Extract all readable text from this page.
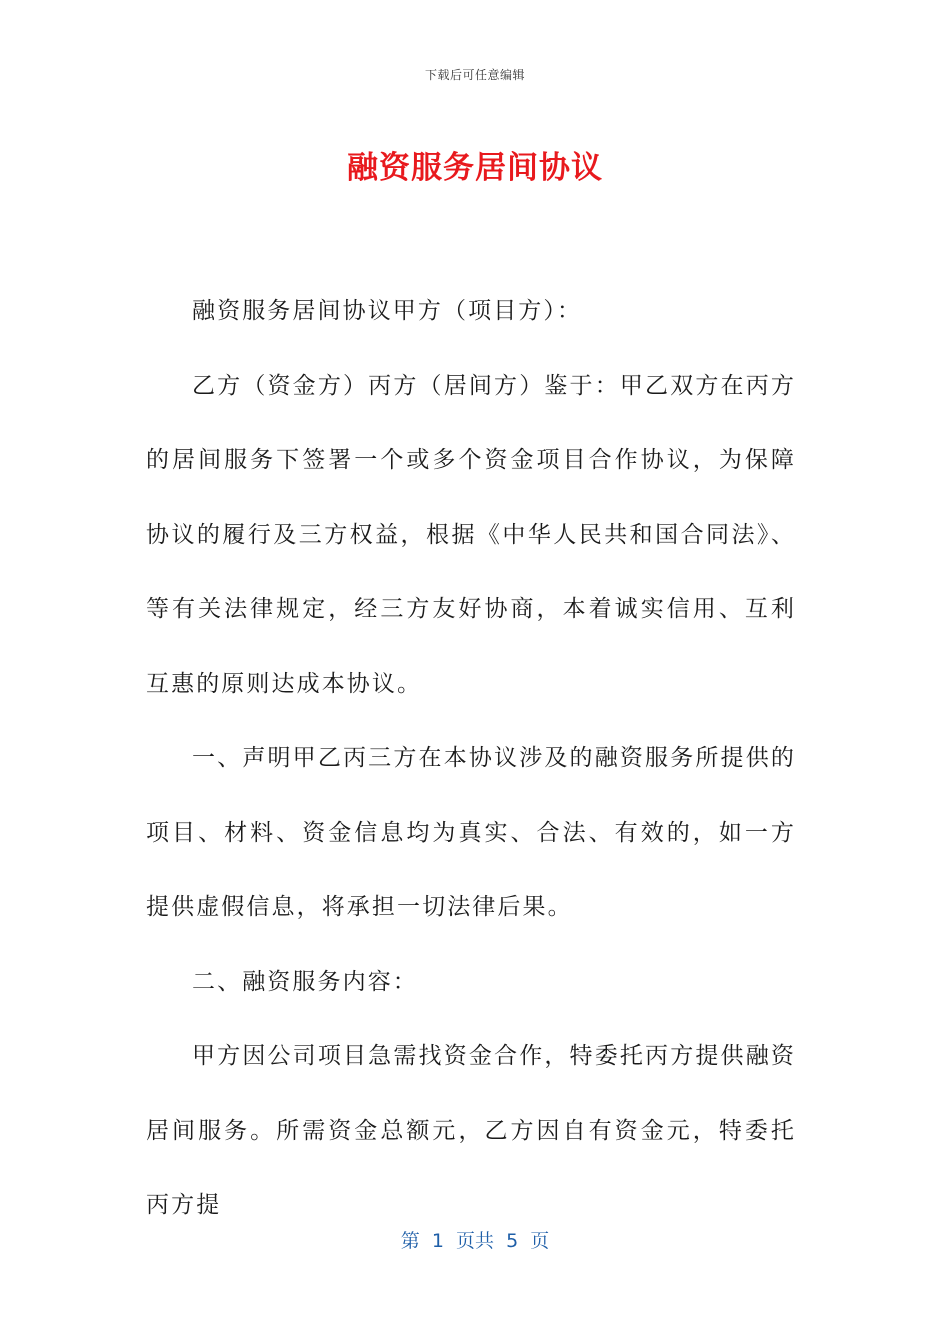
下载后可任意编辑
融资服务居间协议

融资服务居间协议甲方（项目方）：

乙方（资金方）丙方（居间方）鉴于：甲乙双方在丙方的居间服务下签署一个或多个资金项目合作协议，为保障协议的履行及三方权益，根据《中华人民共和国合同法》、等有关法律规定，经三方友好协商，本着诚实信用、互利互惠的原则达成本协议。

一、声明甲乙丙三方在本协议涉及的融资服务所提供的项目、材料、资金信息均为真实、合法、有效的，如一方提供虚假信息，将承担一切法律后果。

二、融资服务内容：

甲方因公司项目急需找资金合作，特委托丙方提供融资居间服务。所需资金总额元，乙方因自有资金元，特委托丙方提

第  1  页共  5  页
